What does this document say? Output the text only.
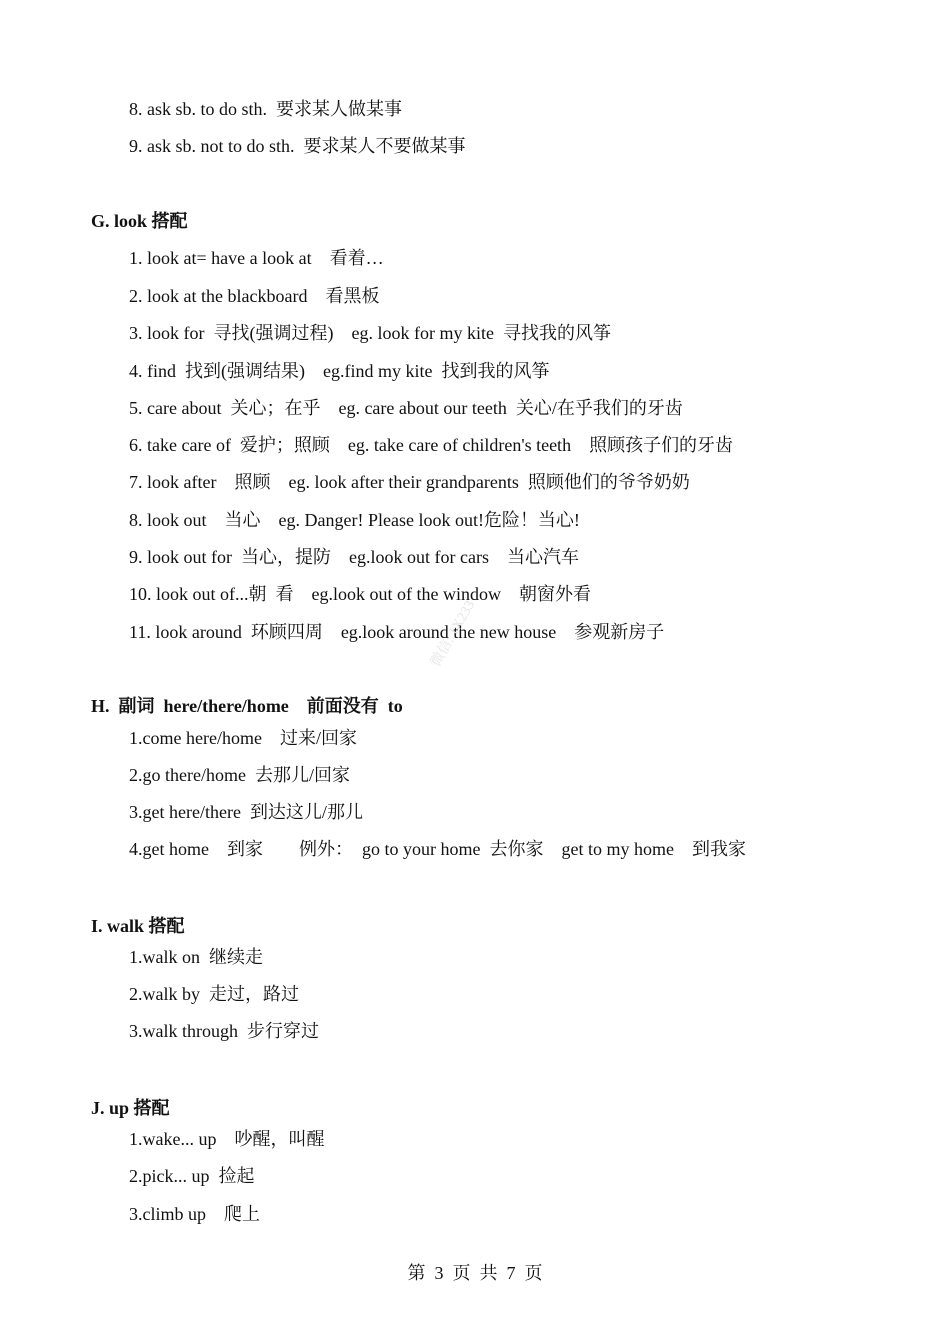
8. ask sb. to do sth.  要求某人做某事
9. ask sb. not to do sth.  要求某人不要做某事
G. look 搭配
1. look at= have a look at    看着…
2. look at the blackboard    看黑板
3. look for  寻找(强调过程)    eg. look for my kite  寻找我的风筝
4. find  找到(强调结果)    eg.find my kite  找到我的风筝
5. care about  关心；在乎    eg. care about our teeth  关心/在乎我们的牙齿
6. take care of  爱护；照顾    eg. take care of children's teeth    照顾孩子们的牙齿
7. look after    照顾    eg. look after their grandparents  照顾他们的爷爷奶奶
8. look out    当心    eg. Danger! Please look out!危险！当心!
9. look out for  当心，提防    eg.look out for cars    当心汽车
10. look out of...朝  看    eg.look out of the window    朝窗外看
11. look around  环顾四周    eg.look around the new house    参观新房子
H.  副词  here/there/home    前面没有  to
1.come here/home    过来/回家
2.go there/home  去那儿/回家
3.get here/there  到达这儿/那儿
4.get home    到家        例外：  go to your home  去你家    get to my home    到我家
I. walk 搭配
1.walk on  继续走
2.walk by  走过，路过
3.walk through  步行穿过
J. up 搭配
1.wake... up    吵醒，叫醒
2.pick... up  捡起
3.climb up    爬上
微信: 1X233
第  3  页  共  7  页
